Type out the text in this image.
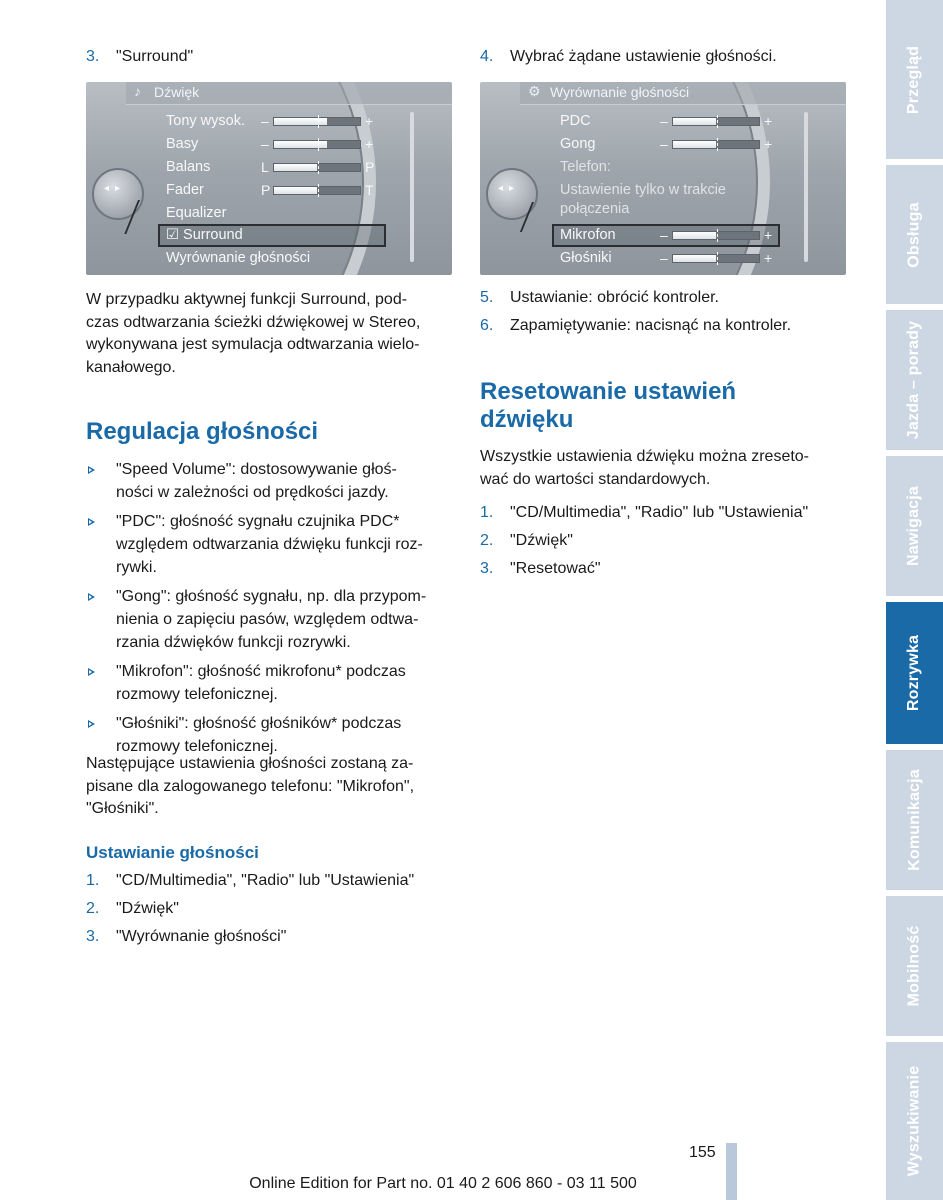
3. "Surround"
♪ Dźwięk
◂▸
Tony wysok. –	+
Basy	–	+
Balans	L	P
Fader	P	T
Equalizer
☑ Surround
Wyrównanie głośności
W przypadku aktywnej funkcji Surround, pod-
czas odtwarzania ścieżki dźwiękowej w Stereo,
wykonywana jest symulacja odtwarzania wielo-
kanałowego.
Regulacja głośności
"Speed Volume": dostosowywanie głoś-
ności w zależności od prędkości jazdy.
"PDC": głośność sygnału czujnika PDC*
względem odtwarzania dźwięku funkcji roz-
rywki.
"Gong": głośność sygnału, np. dla przypom-
nienia o zapięciu pasów, względem odtwa-
rzania dźwięków funkcji rozrywki.
"Mikrofon": głośność mikrofonu* podczas
rozmowy telefonicznej.
"Głośniki": głośność głośników* podczas
rozmowy telefonicznej.
Następujące ustawienia głośności zostaną za-
pisane dla zalogowanego telefonu: "Mikrofon",
"Głośniki".
Ustawianie głośności
1. "CD/Multimedia", "Radio" lub "Ustawienia"
2. "Dźwięk"
3. "Wyrównanie głośności"
4. Wybrać żądane ustawienie głośności.
⚙ Wyrównanie głośności
◂▸
PDC	–	+
Gong	–	+
Telefon:
Ustawienie tylko w trakcie
połączenia
Mikrofon	–	+
Głośniki	–	+
5. Ustawianie: obrócić kontroler.
6. Zapamiętywanie: nacisnąć na kontroler.
Resetowanie ustawień
dźwięku
Wszystkie ustawienia dźwięku można zreseto-
wać do wartości standardowych.
1. "CD/Multimedia", "Radio" lub "Ustawienia"
2. "Dźwięk"
3. "Resetować"
Przegląd
Obsługa
Jazda – porady
Nawigacja
Rozrywka
Komunikacja
Mobilność
Wyszukiwanie
155
Online Edition for Part no. 01 40 2 606 860 - 03 11 500
